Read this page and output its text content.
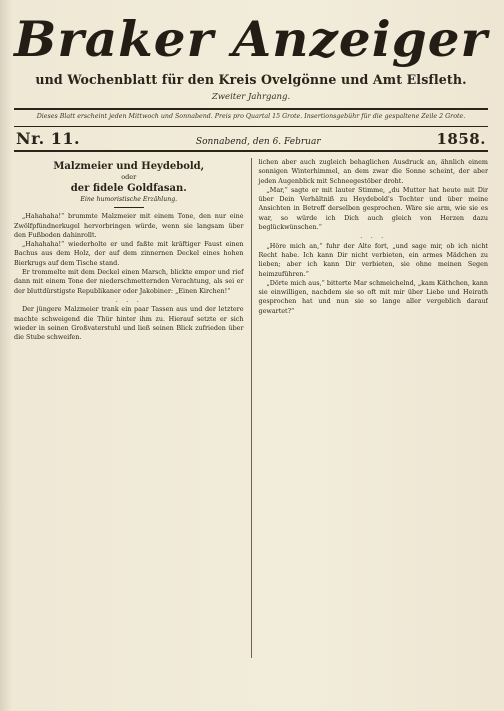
Braker Anzeiger
und Wochenblatt für den Kreis Ovelgönne und Amt Elsfleth.
Zweiter Jahrgang.
Dieses Blatt erscheint jeden Mittwoch und Sonnabend. Preis pro Quartal 15 Grote. Insertionsgebühr für die gespaltene Zeile 2 Grote.
Nr. 11.	Sonnabend, den 6. Februar	1858.
Malzmeier und Heydebold,
oder
der fidele Goldfasan.
Eine humoristische Erzählung.

„Hahahaha!“ brummte Malzmeier mit einem Tone, den nur eine Zwölfpfündnerkugel hervorbringen würde, wenn sie langsam über den Fußboden dahinrollt.

„Hahahaha!“ wiederholte er und faßte mit kräftiger Faust einen Bachus aus dem Holz, der auf dem zinnernen Deckel eines hohen Bierkrugs auf dem Tische stand.

Er trommelte mit dem Deckel einen Marsch, blickte empor und rief dann mit einem Tone der niederschmetternden Verachtung, als sei er der bluttdürstigste Republikaner oder Jakobiner: „Einen Kirchen!“

. . .

Der jüngere Malzmeier trank ein paar Tassen aus und der letztere machte schweigend die Thür hinter ihm zu. Hierauf setzte er sich wieder in seinen Großvaterstuhl und ließ seinen Blick zufrieden über die Stube schweifen.

lichen aber auch zugleich behaglichen Ausdruck an, ähnlich einem sonnigen Winterhimmel, an dem zwar die Sonne scheint, der aber jeden Augenblick mit Schneegestöber droht.

„Mar,“ sagte er mit lauter Stimme, „du Mutter hat heute mit Dir über Dein Verhältniß zu Heydebold's Tochter und über meine Ansichten in Betreff derselben gesprochen. Wäre sie arm, wie sie es war, so würde ich Dich auch gleich von Herzen dazu beglückwünschen.“

. . .

„Höre mich an,“ fuhr der Alte fort, „und sage mir, ob ich nicht Recht habe. Ich kann Dir nicht verbieten, ein armes Mädchen zu lieben; aber ich kann Dir verbieten, sie ohne meinen Segen heimzuführen.“

„Dörte mich aus,“ bitterte Mar schmeichelnd, „kam Käthchen, kann sie einwilligen, nachdem sie so oft mit mir über Liebe und Heirath gesprochen hat und nun sie so lange aller vergeblich darauf gewartet?“
